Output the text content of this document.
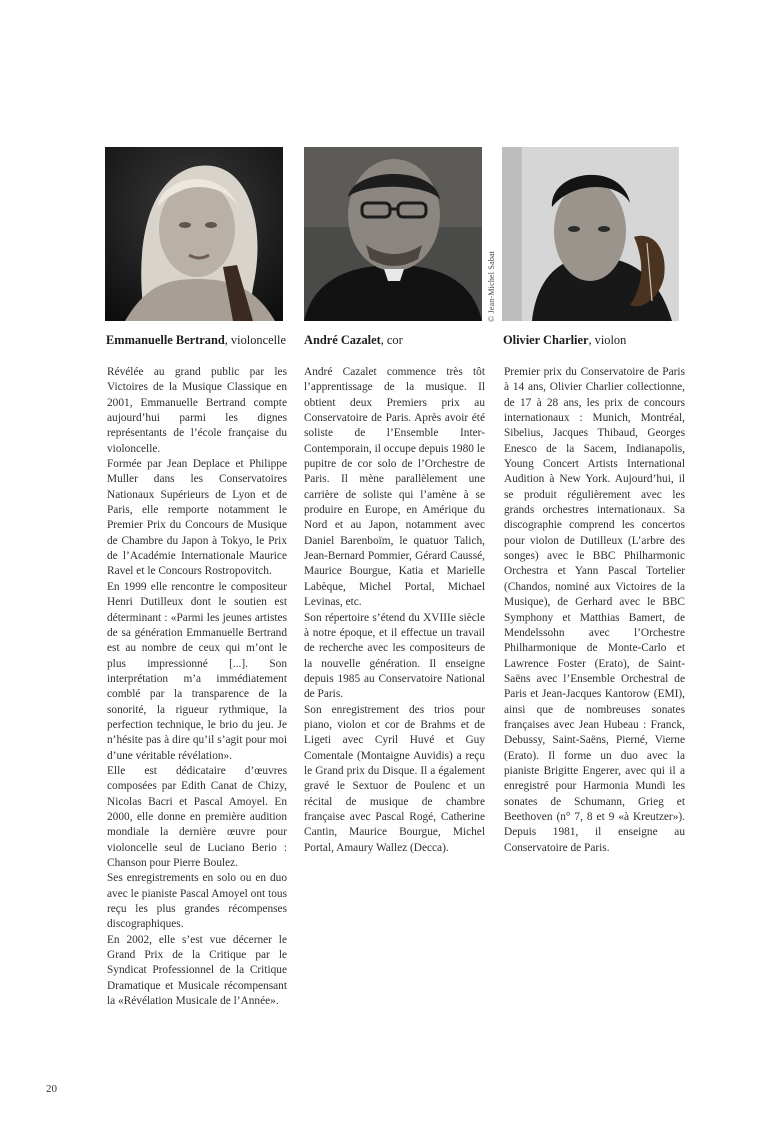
© Jean-Michel Sabat
Emmanuelle Bertrand, violoncelle André Cazalet, cor	Olivier Charlier, violon

Révélée au grand public par les Victoires de la Musique Classique en 2001, Emmanuelle Bertrand compte aujourd’hui parmi les dignes représentants de l’école française du violoncelle.

Formée par Jean Deplace et Philippe Muller dans les Conservatoires Nationaux Supérieurs de Lyon et de Paris, elle remporte notamment le Premier Prix du Concours de Musique de Chambre du Japon à Tokyo, le Prix de l’Académie Internationale Maurice Ravel et le Concours Rostropovitch.

En 1999 elle rencontre le compositeur Henri Dutilleux dont le soutien est déterminant : «Parmi les jeunes artistes de sa génération Emmanuelle Bertrand est au nombre de ceux qui m’ont le plus impressionné [...]. Son interprétation m’a immédiatement comblé par la transparence de la sonorité, la rigueur rythmique, la perfection technique, le brio du jeu. Je n’hésite pas à dire qu’il s’agit pour moi d’une véritable révélation».

Elle est dédicataire d’œuvres composées par Edith Canat de Chizy, Nicolas Bacri et Pascal Amoyel. En 2000, elle donne en première audition mondiale la dernière œuvre pour violoncelle seul de Luciano Berio : Chanson pour Pierre Boulez.

Ses enregistrements en solo ou en duo avec le pianiste Pascal Amoyel ont tous reçu les plus grandes récompenses discographiques.

En 2002, elle s’est vue décerner le Grand Prix de la Critique par le Syndicat Professionnel de la Critique Dramatique et Musicale récompensant la «Révélation Musicale de l’Année».

André Cazalet commence très tôt l’apprentissage de la musique. Il obtient deux Premiers prix au Conservatoire de Paris. Après avoir été soliste de l’Ensemble Inter-Contemporain, il occupe depuis 1980 le pupitre de cor solo de l’Orchestre de Paris. Il mène parallèlement une carrière de soliste qui l’amène à se produire en Europe, en Amérique du Nord et au Japon, notamment avec Daniel Barenboïm, le quatuor Talich, Jean-Bernard Pommier, Gérard Caussé, Maurice Bourgue, Katia et Marielle Labèque, Michel Portal, Michael Levinas, etc.

Son répertoire s’étend du XVIIIe siècle à notre époque, et il effectue un travail de recherche avec les compositeurs de la nouvelle génération. Il enseigne depuis 1985 au Conservatoire National de Paris.

Son enregistrement des trios pour piano, violon et cor de Brahms et de Ligeti avec Cyril Huvé et Guy Comentale (Montaigne Auvidis) a reçu le Grand prix du Disque. Il a également gravé le Sextuor de Poulenc et un récital de musique de chambre française avec Pascal Rogé, Catherine Cantin, Maurice Bourgue, Michel Portal, Amaury Wallez (Decca).

Premier prix du Conservatoire de Paris à 14 ans, Olivier Charlier collectionne, de 17 à 28 ans, les prix de concours internationaux : Munich, Montréal, Sibelius, Jacques Thibaud, Georges Enesco de la Sacem, Indianapolis, Young Concert Artists International Audition à New York. Aujourd’hui, il se produit régulièrement avec les grands orchestres internationaux. Sa discographie comprend les concertos pour violon de Dutilleux (L’arbre des songes) avec le BBC Philharmonic Orchestra et Yann Pascal Tortelier (Chandos, nominé aux Victoires de la Musique), de Gerhard avec le BBC Symphony et Matthias Bamert, de Mendelssohn avec l’Orchestre Philharmonique de Monte-Carlo et Lawrence Foster (Erato), de Saint-Saëns avec l’Ensemble Orchestral de Paris et Jean-Jacques Kantorow (EMI), ainsi que de nombreuses sonates françaises avec Jean Hubeau : Franck, Debussy, Saint-Saëns, Pierné, Vierne (Erato). Il forme un duo avec la pianiste Brigitte Engerer, avec qui il a enregistré pour Harmonia Mundi les sonates de Schumann, Grieg et Beethoven (n° 7, 8 et 9 «à Kreutzer»). Depuis 1981, il enseigne au Conservatoire de Paris.

20
